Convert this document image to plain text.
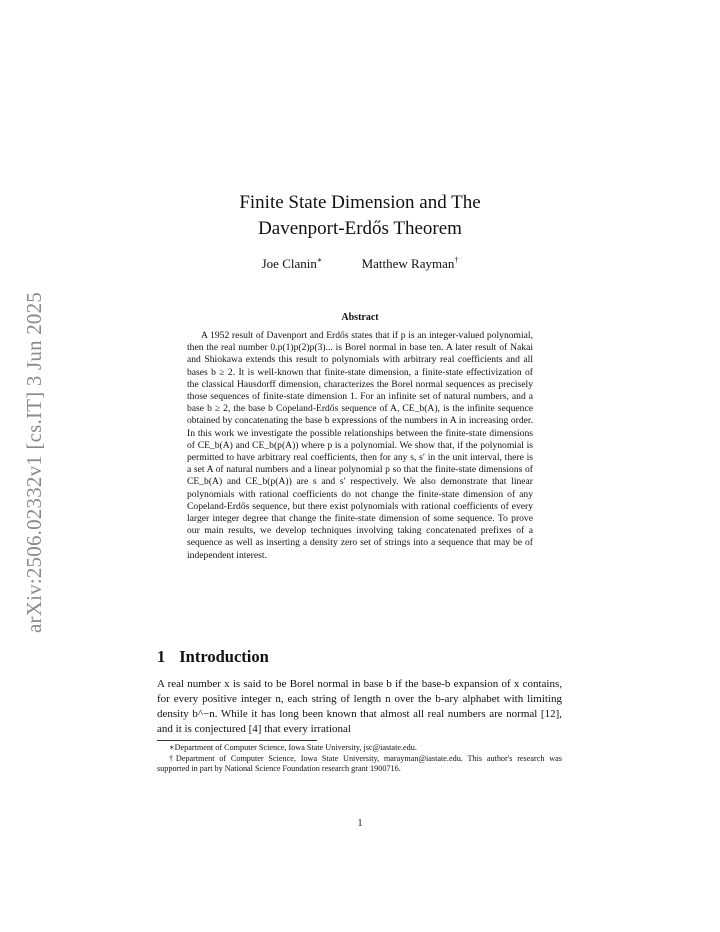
arXiv:2506.02332v1 [cs.IT] 3 Jun 2025
Finite State Dimension and The
Davenport-Erdős Theorem
Joe Clanin∗	Matthew Rayman†
Abstract
A 1952 result of Davenport and Erdős states that if p is an integer-valued polynomial, then the real number 0.p(1)p(2)p(3)... is Borel normal in base ten. A later result of Nakai and Shiokawa extends this result to polynomials with arbitrary real coefficients and all bases b ≥ 2. It is well-known that finite-state dimension, a finite-state effectivization of the classical Hausdorff dimension, characterizes the Borel normal sequences as precisely those sequences of finite-state dimension 1. For an infinite set of natural numbers, and a base b ≥ 2, the base b Copeland-Erdős sequence of A, CE_b(A), is the infinite sequence obtained by concatenating the base b expressions of the numbers in A in increasing order. In this work we investigate the possible relationships between the finite-state dimensions of CE_b(A) and CE_b(p(A)) where p is a polynomial. We show that, if the polynomial is permitted to have arbitrary real coefficients, then for any s, s′ in the unit interval, there is a set A of natural numbers and a linear polynomial p so that the finite-state dimensions of CE_b(A) and CE_b(p(A)) are s and s′ respectively. We also demonstrate that linear polynomials with rational coefficients do not change the finite-state dimension of any Copeland-Erdős sequence, but there exist polynomials with rational coefficients of every larger integer degree that change the finite-state dimension of some sequence. To prove our main results, we develop techniques involving taking concatenated prefixes of a sequence as well as inserting a density zero set of strings into a sequence that may be of independent interest.
1 Introduction
A real number x is said to be Borel normal in base b if the base-b expansion of x contains, for every positive integer n, each string of length n over the b-ary alphabet with limiting density b^−n. While it has long been known that almost all real numbers are normal [12], and it is conjectured [4] that every irrational

∗Department of Computer Science, Iowa State University, jsc@iastate.edu.

†Department of Computer Science, Iowa State University, marayman@iastate.edu. This author's research was supported in part by National Science Foundation research grant 1900716.

1
